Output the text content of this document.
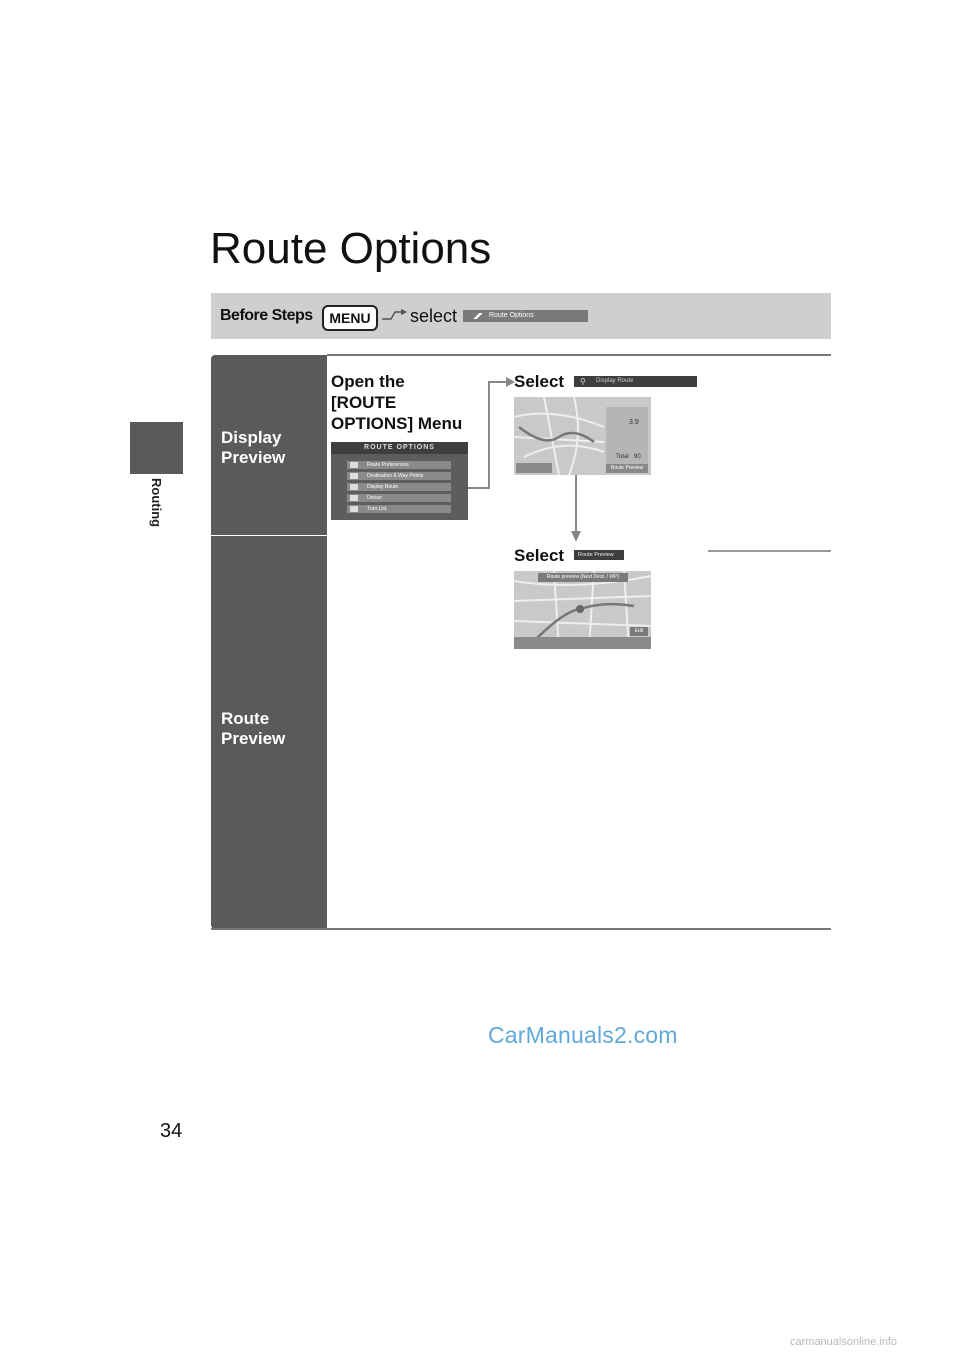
Routing
Route Options
Before Steps	MENU	select	Route Options
Display
Preview
Route
Preview
Open the
[ROUTE
OPTIONS] Menu
Route Preferences
Destination & Way Points
Display Route
Detour
Turn List
ROUTE OPTIONS
Select	Display Route
⚲
3.9
Total 90
Route Preview
Select	Route Preview
Route preview (Next Dest. / WP)
Edit
CarManuals2.com
34
carmanualsonline.info
